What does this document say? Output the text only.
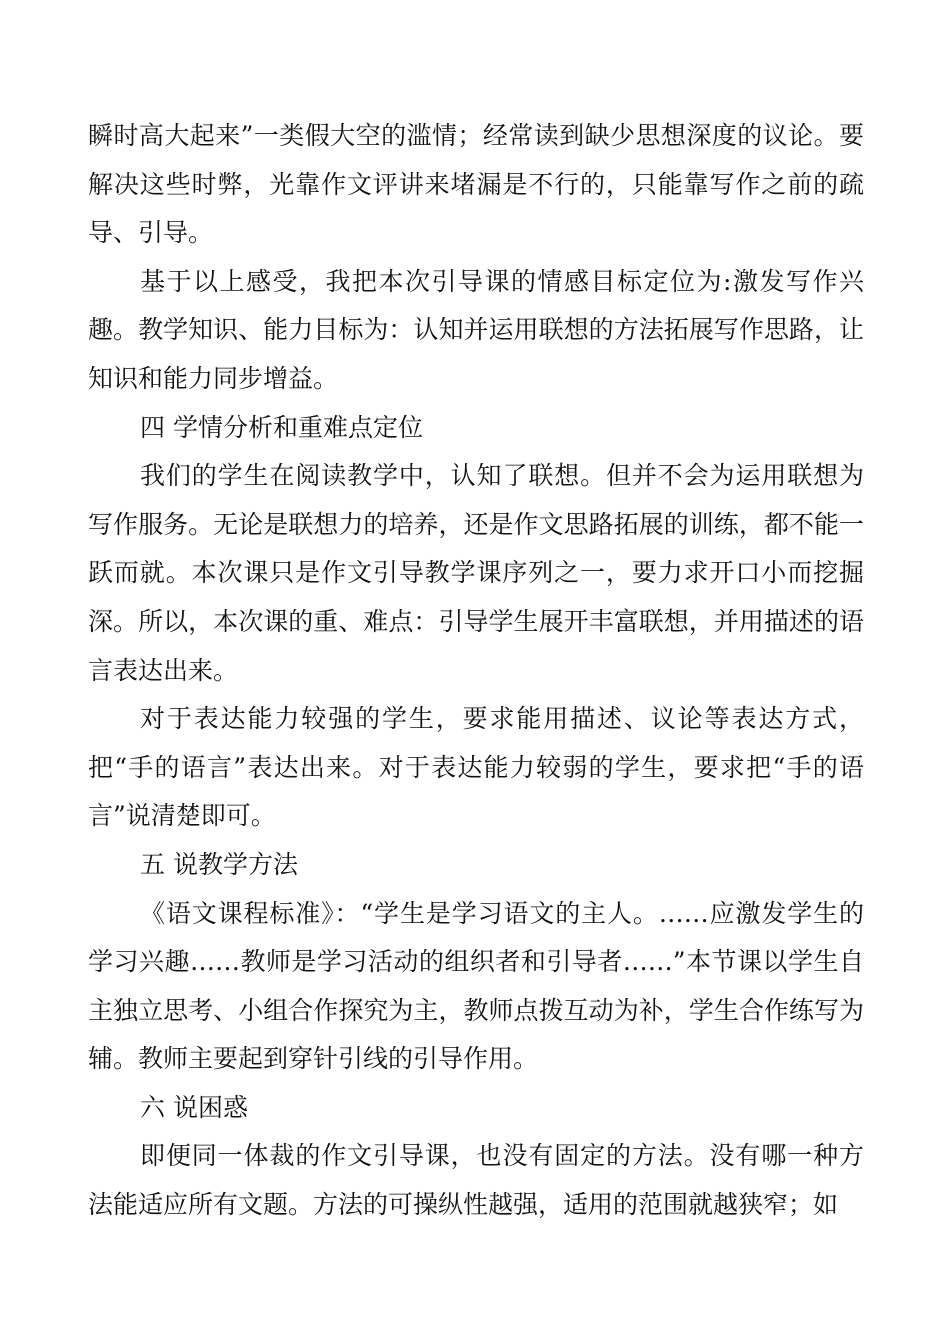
瞬时高大起来”一类假大空的滥情；经常读到缺少思想深度的议论。要解决这些时弊，光靠作文评讲来堵漏是不行的，只能靠写作之前的疏导、引导。

基于以上感受，我把本次引导课的情感目标定位为:激发写作兴趣。教学知识、能力目标为：认知并运用联想的方法拓展写作思路，让知识和能力同步增益。

四 学情分析和重难点定位

我们的学生在阅读教学中，认知了联想。但并不会为运用联想为写作服务。无论是联想力的培养，还是作文思路拓展的训练，都不能一跃而就。本次课只是作文引导教学课序列之一，要力求开口小而挖掘深。所以，本次课的重、难点：引导学生展开丰富联想，并用描述的语言表达出来。

对于表达能力较强的学生，要求能用描述、议论等表达方式，把“手的语言”表达出来。对于表达能力较弱的学生，要求把“手的语言”说清楚即可。

五 说教学方法

《语文课程标准》：“学生是学习语文的主人。……应激发学生的学习兴趣……教师是学习活动的组织者和引导者……”本节课以学生自主独立思考、小组合作探究为主，教师点拨互动为补，学生合作练写为辅。教师主要起到穿针引线的引导作用。

六 说困惑

即便同一体裁的作文引导课，也没有固定的方法。没有哪一种方法能适应所有文题。方法的可操纵性越强，适用的范围就越狭窄；如
